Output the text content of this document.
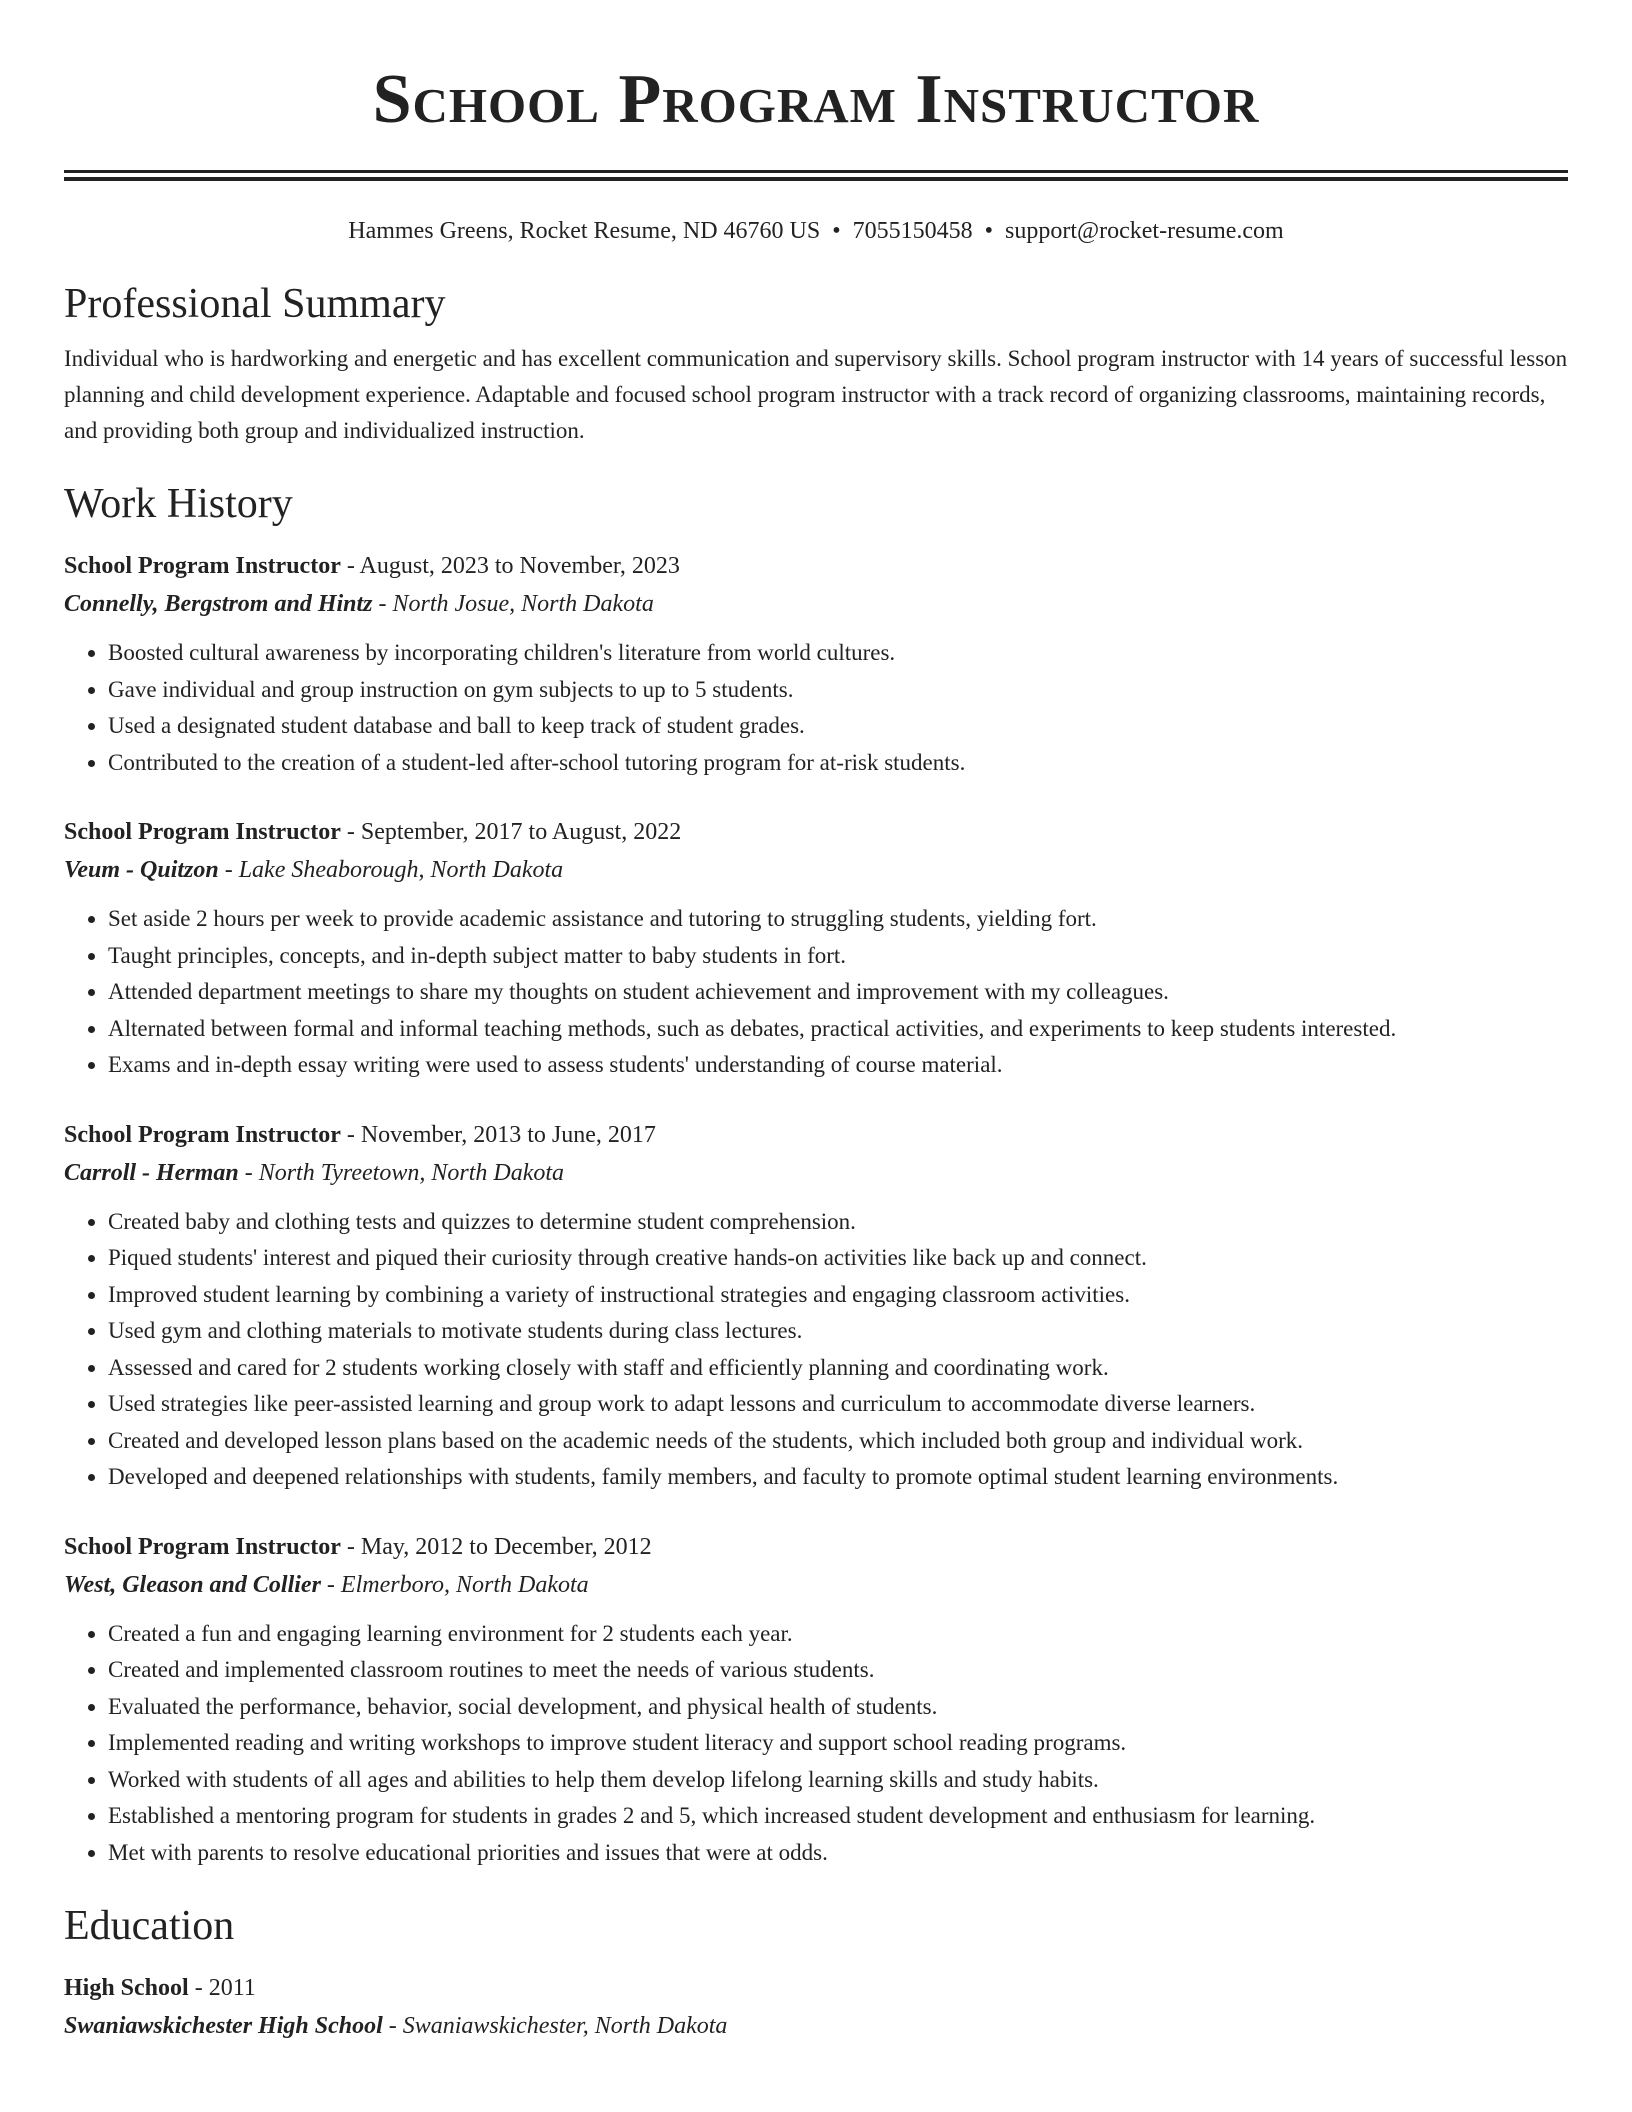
School Program Instructor
Hammes Greens, Rocket Resume, ND 46760 US • 7055150458 • support@rocket-resume.com
Professional Summary

Individual who is hardworking and energetic and has excellent communication and supervisory skills. School program instructor with 14 years of successful lesson planning and child development experience. Adaptable and focused school program instructor with a track record of organizing classrooms, maintaining records, and providing both group and individualized instruction.

Work History
School Program Instructor - August, 2023 to November, 2023
Connelly, Bergstrom and Hintz - North Josue, North Dakota
• Boosted cultural awareness by incorporating children's literature from world cultures.
• Gave individual and group instruction on gym subjects to up to 5 students.
• Used a designated student database and ball to keep track of student grades.
• Contributed to the creation of a student-led after-school tutoring program for at-risk students.
School Program Instructor - September, 2017 to August, 2022
Veum - Quitzon - Lake Sheaborough, North Dakota
• Set aside 2 hours per week to provide academic assistance and tutoring to struggling students, yielding fort.
• Taught principles, concepts, and in-depth subject matter to baby students in fort.
• Attended department meetings to share my thoughts on student achievement and improvement with my colleagues.
• Alternated between formal and informal teaching methods, such as debates, practical activities, and experiments to keep students interested.
• Exams and in-depth essay writing were used to assess students' understanding of course material.
School Program Instructor - November, 2013 to June, 2017
Carroll - Herman - North Tyreetown, North Dakota
• Created baby and clothing tests and quizzes to determine student comprehension.
• Piqued students' interest and piqued their curiosity through creative hands-on activities like back up and connect.
• Improved student learning by combining a variety of instructional strategies and engaging classroom activities.
• Used gym and clothing materials to motivate students during class lectures.
• Assessed and cared for 2 students working closely with staff and efficiently planning and coordinating work.
• Used strategies like peer-assisted learning and group work to adapt lessons and curriculum to accommodate diverse learners.
• Created and developed lesson plans based on the academic needs of the students, which included both group and individual work.
• Developed and deepened relationships with students, family members, and faculty to promote optimal student learning environments.
School Program Instructor - May, 2012 to December, 2012
West, Gleason and Collier - Elmerboro, North Dakota
• Created a fun and engaging learning environment for 2 students each year.
• Created and implemented classroom routines to meet the needs of various students.
• Evaluated the performance, behavior, social development, and physical health of students.
• Implemented reading and writing workshops to improve student literacy and support school reading programs.
• Worked with students of all ages and abilities to help them develop lifelong learning skills and study habits.
• Established a mentoring program for students in grades 2 and 5, which increased student development and enthusiasm for learning.
• Met with parents to resolve educational priorities and issues that were at odds.
Education
High School - 2011
Swaniawskichester High School - Swaniawskichester, North Dakota
